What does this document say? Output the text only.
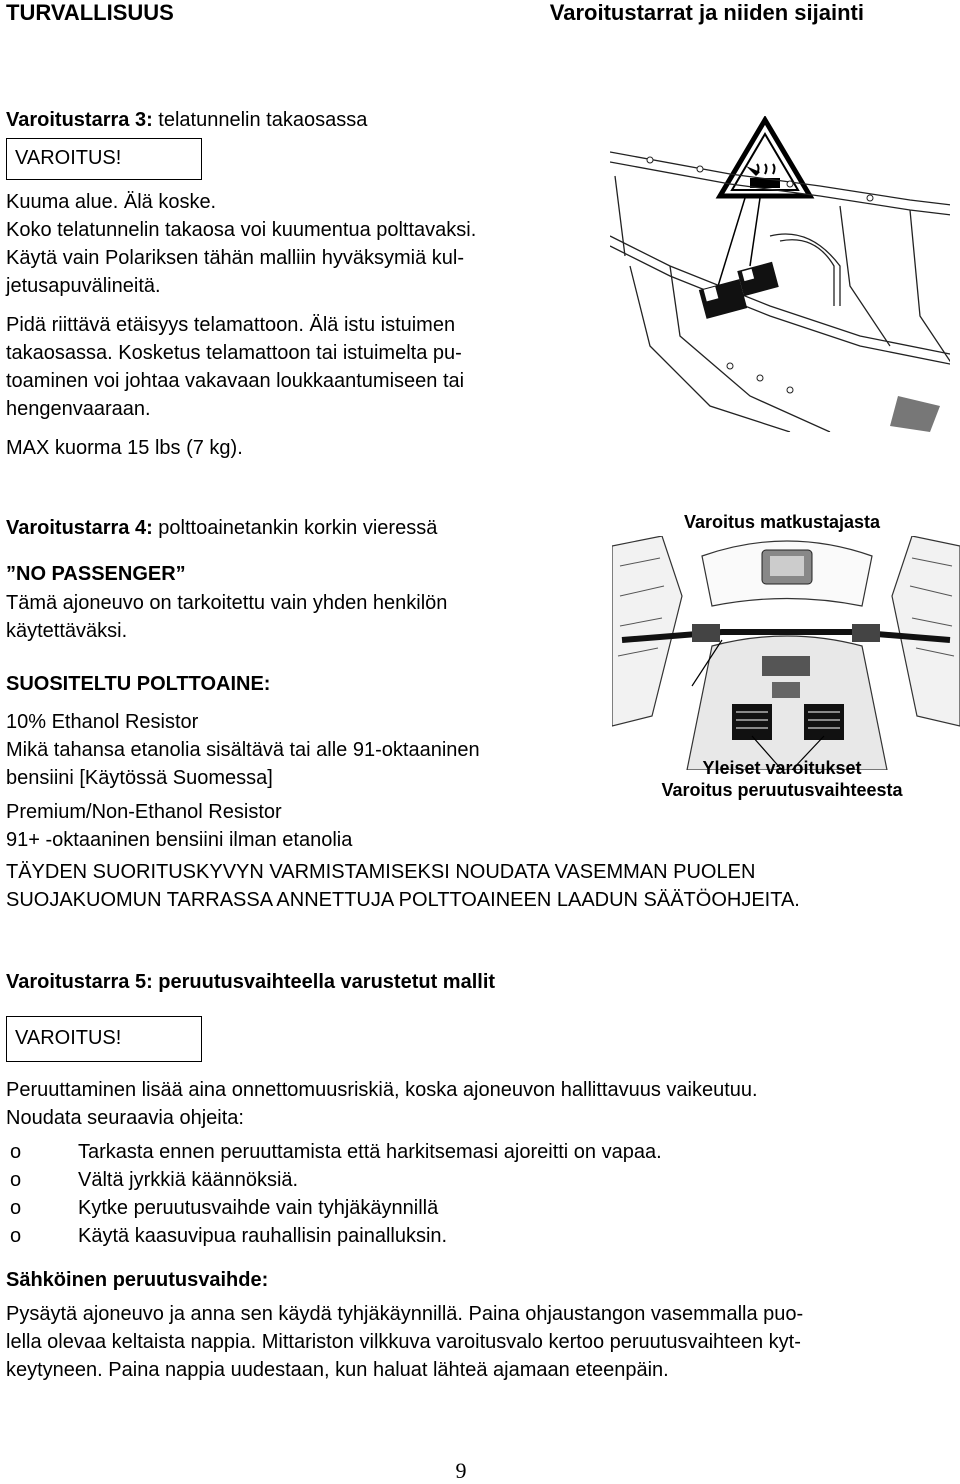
TURVALLISUUS	Varoitustarrat ja niiden sijainti
Varoitustarra 3: telatunnelin takaosassa
VAROITUS!
Kuuma alue. Älä koske.
Koko telatunnelin takaosa voi kuumentua polttavaksi.
Käytä vain Polariksen tähän malliin hyväksymiä kul-
jetusapuvälineitä.
Pidä riittävä etäisyys telamattoon. Älä istu istuimen
takaosassa. Kosketus telamattoon tai istuimelta pu-
toaminen voi johtaa vakavaan loukkaantumiseen tai
hengenvaaraan.
MAX kuorma 15 lbs (7 kg).
Varoitustarra 4: polttoainetankin korkin vieressä
”NO PASSENGER”
Tämä ajoneuvo on tarkoitettu vain yhden henkilön
käytettäväksi.
SUOSITELTU POLTTOAINE:
10% Ethanol Resistor
Mikä tahansa etanolia sisältävä tai alle 91-oktaaninen
bensiini [Käytössä Suomessa]
Premium/Non-Ethanol Resistor
91+ -oktaaninen bensiini ilman etanolia
TÄYDEN SUORITUSKYVYN VARMISTAMISEKSI NOUDATA VASEMMAN PUOLEN
SUOJAKUOMUN TARRASSA ANNETTUJA POLTTOAINEEN LAADUN SÄÄTÖOHJEITA.
Varoitus matkustajasta
Yleiset varoitukset
Varoitus peruutusvaihteesta
Varoitustarra 5: peruutusvaihteella varustetut mallit
VAROITUS!
Peruuttaminen lisää aina onnettomuusriskiä, koska ajoneuvon hallittavuus vaikeutuu.
Noudata seuraavia ohjeita:
o	Tarkasta ennen peruuttamista että harkitsemasi ajoreitti on vapaa.
o	Vältä jyrkkiä käännöksiä.
o	Kytke peruutusvaihde vain tyhjäkäynnillä
o	Käytä kaasuvipua rauhallisin painalluksin.
Sähköinen peruutusvaihde:
Pysäytä ajoneuvo ja anna sen käydä tyhjäkäynnillä. Paina ohjaustangon vasemmalla puo-
lella olevaa keltaista nappia. Mittariston vilkkuva varoitusvalo kertoo peruutusvaihteen kyt-
keytyneen. Paina nappia uudestaan, kun haluat lähteä ajamaan eteenpäin.
9
